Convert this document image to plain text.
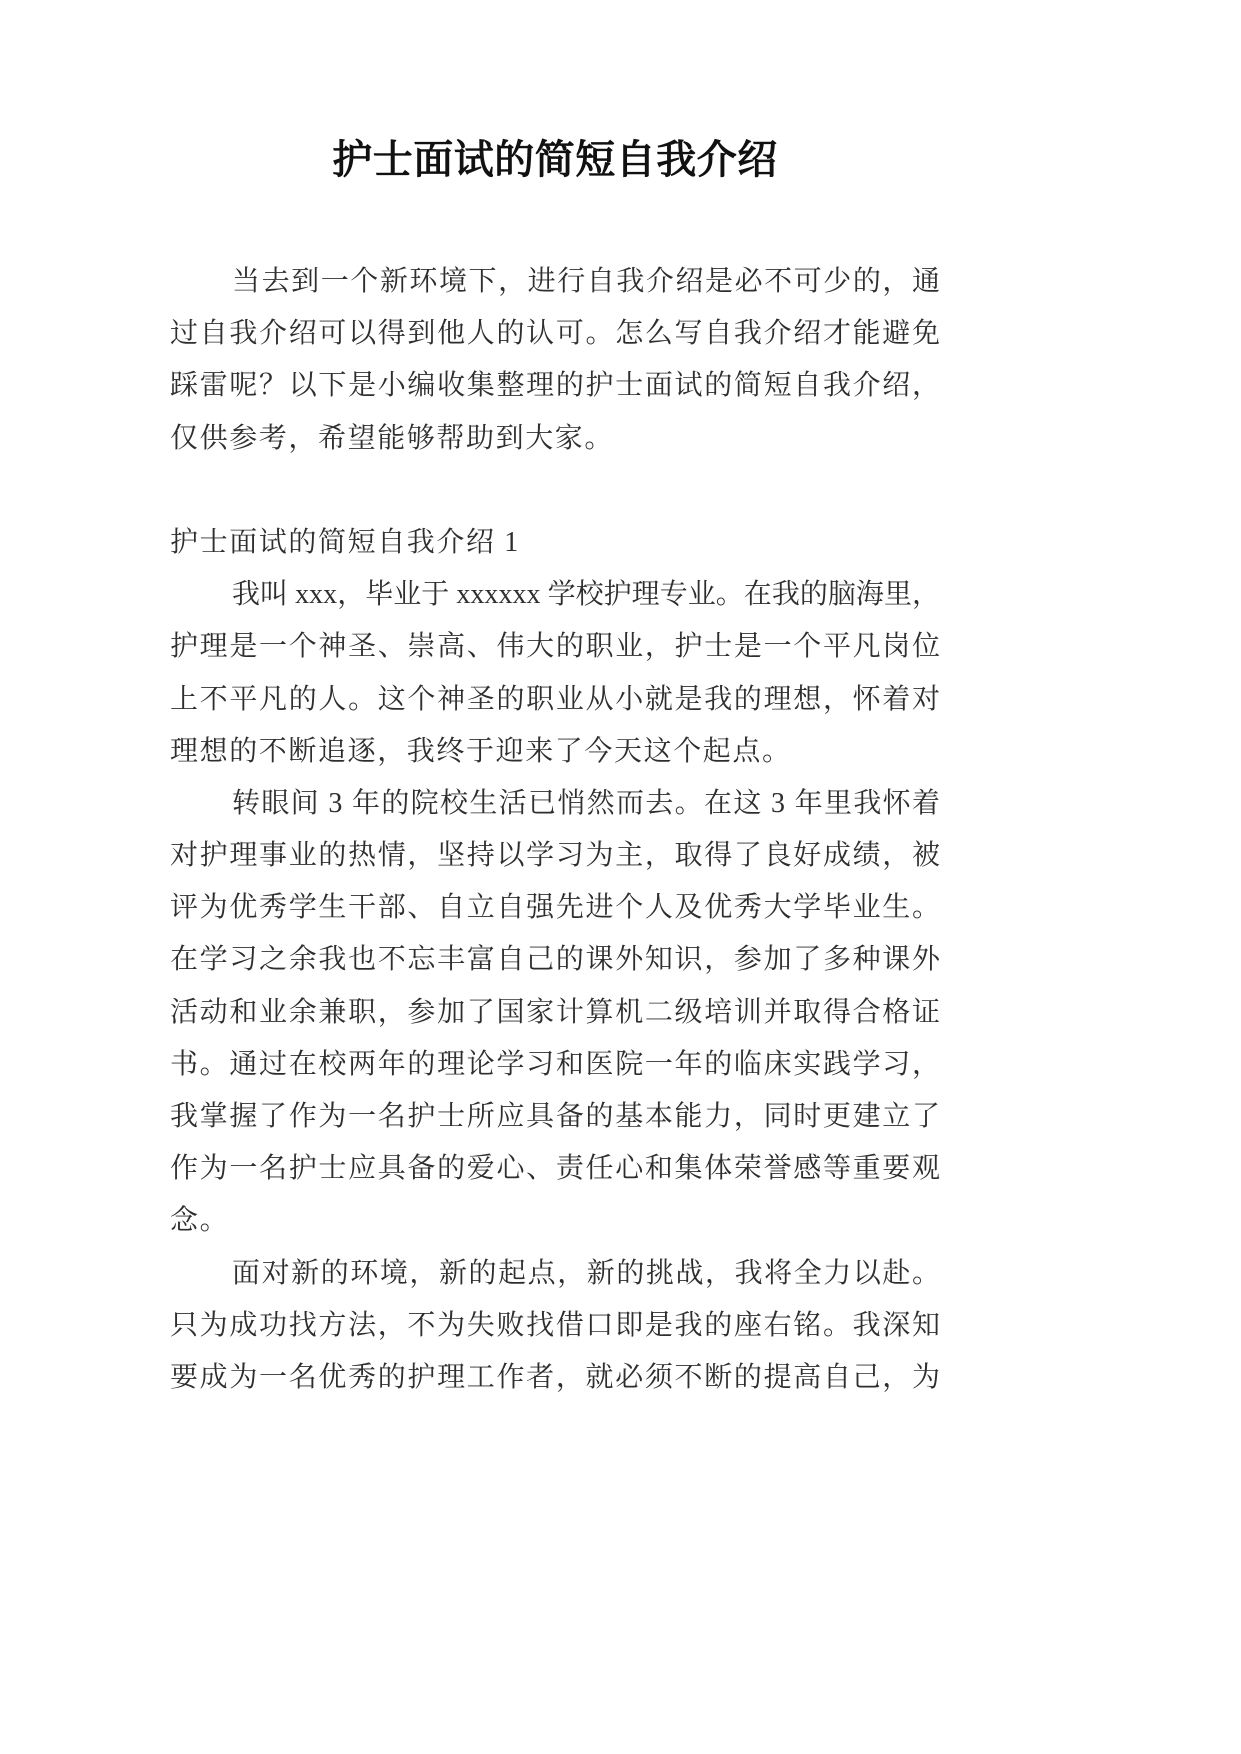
护士面试的简短自我介绍
当去到一个新环境下，进行自我介绍是必不可少的，通
过自我介绍可以得到他人的认可。怎么写自我介绍才能避免
踩雷呢？以下是小编收集整理的护士面试的简短自我介绍，
仅供参考，希望能够帮助到大家。
护士面试的简短自我介绍 1
我叫 xxx，毕业于 xxxxxx 学校护理专业。在我的脑海里，
护理是一个神圣、崇高、伟大的职业，护士是一个平凡岗位
上不平凡的人。这个神圣的职业从小就是我的理想，怀着对
理想的不断追逐，我终于迎来了今天这个起点。
转眼间 3 年的院校生活已悄然而去。在这 3 年里我怀着
对护理事业的热情，坚持以学习为主，取得了良好成绩，被
评为优秀学生干部、自立自强先进个人及优秀大学毕业生。
在学习之余我也不忘丰富自己的课外知识，参加了多种课外
活动和业余兼职，参加了国家计算机二级培训并取得合格证
书。通过在校两年的理论学习和医院一年的临床实践学习，
我掌握了作为一名护士所应具备的基本能力，同时更建立了
作为一名护士应具备的爱心、责任心和集体荣誉感等重要观
念。
面对新的环境，新的起点，新的挑战，我将全力以赴。
只为成功找方法，不为失败找借口即是我的座右铭。我深知
要成为一名优秀的护理工作者，就必须不断的提高自己，为
